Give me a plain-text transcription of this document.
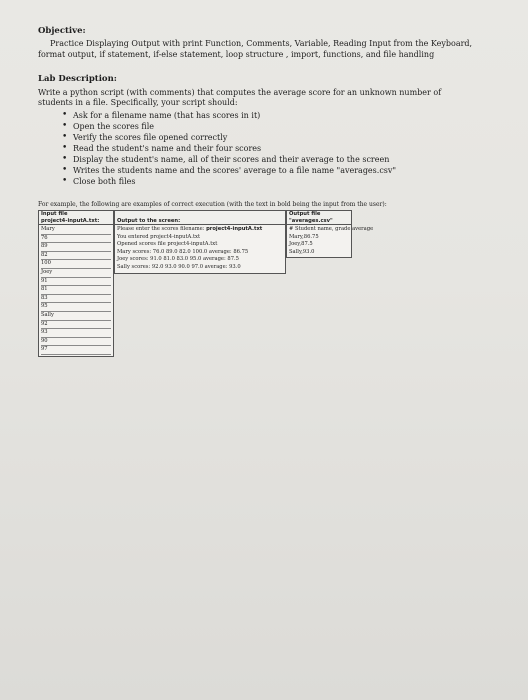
Objective:

Practice Displaying Output with print Function, Comments, Variable, Reading Input from the Keyboard, format output, if statement, if-else statement, loop structure , import, functions, and file handling

Lab Description:

Write a python script (with comments) that computes the average score for an unknown number of students in a file. Specifically, your script should:

• Ask for a filename name (that has scores in it)
• Open the scores file
• Verify the scores file opened correctly
• Read the student's name and their four scores
• Display the student's name, all of their scores and their average to the screen
• Writes the students name and the scores' average to a file name "averages.csv"
• Close both files
For example, the following are examples of correct execution (with the text in bold being the input from the user):
Input file
project4-inputA.txt:
Mary
76
89
82
100
Joey
91
81
83
95
Sally
92
93
90
97
Output to the screen:
Please enter the scores filename: project4-inputA.txt
You entered project4-inputA.txt
Opened scores file project4-inputA.txt
Mary scores: 76.0 89.0 82.0 100.0 average: 86.75
Joey scores: 91.0 81.0 83.0 95.0 average: 87.5
Sally scores: 92.0 93.0 90.0 97.0 average: 93.0
Output file
"averages.csv"
# Student name, grade average
Mary,86.75
Joey,87.5
Sally,93.0
